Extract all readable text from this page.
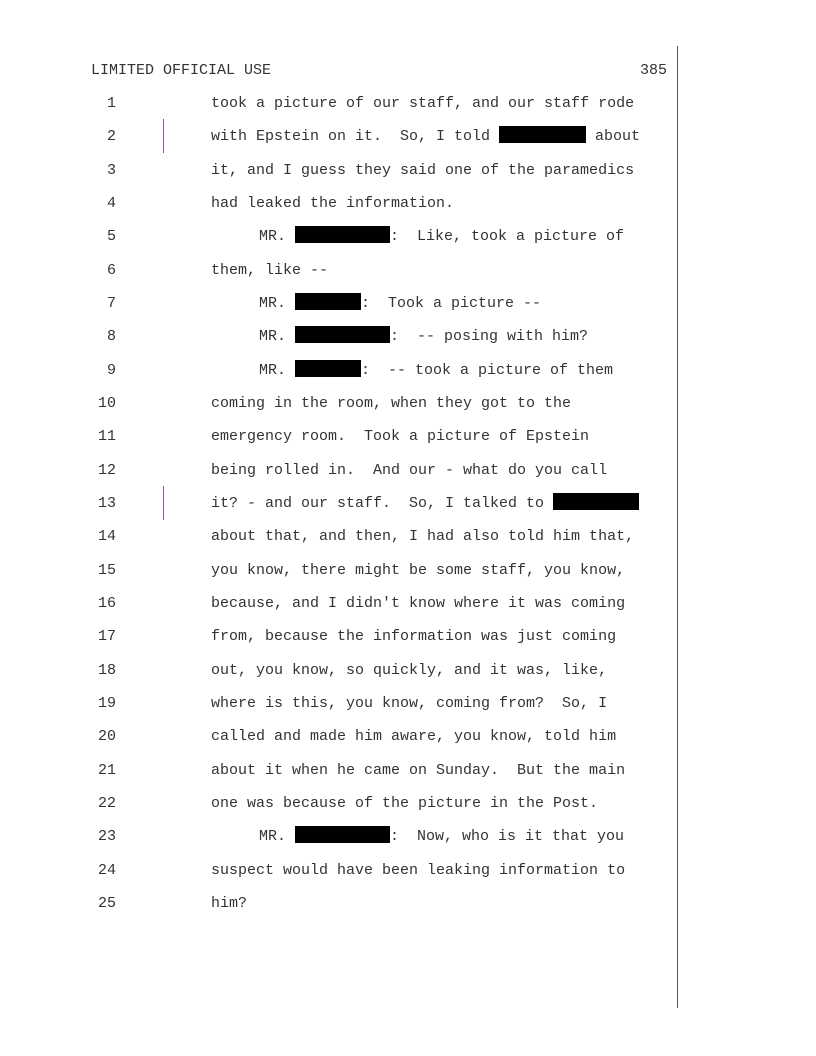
LIMITED OFFICIAL USE	385
1	took a picture of our staff, and our staff rode
2	with Epstein on it.  So, I told	about
3	it, and I guess they said one of the paramedics
4	had leaked the information.
5	MR.	:  Like, took a picture of
6	them, like --
7	MR.	:  Took a picture --
8	MR.	:  -- posing with him?
9	MR.	:  -- took a picture of them
10	coming in the room, when they got to the
11	emergency room.  Took a picture of Epstein
12	being rolled in.  And our - what do you call
13	it? - and our staff.  So, I talked to
14	about that, and then, I had also told him that,
15	you know, there might be some staff, you know,
16	because, and I didn't know where it was coming
17	from, because the information was just coming
18	out, you know, so quickly, and it was, like,
19	where is this, you know, coming from?  So, I
20	called and made him aware, you know, told him
21	about it when he came on Sunday.  But the main
22	one was because of the picture in the Post.
23	MR.	:  Now, who is it that you
24	suspect would have been leaking information to
25	him?
